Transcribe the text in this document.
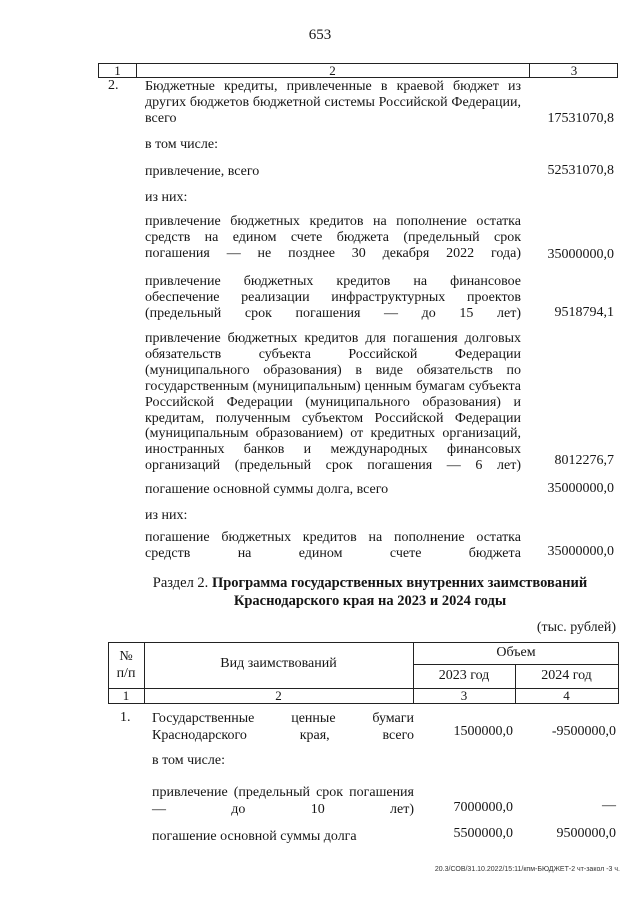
653
1	2	3
2. Бюджетные кредиты, привлеченные в краевой бюджет из других бюджетов бюджетной системы Российской Федерации, всего	17531070,8
в том числе:
привлечение, всего	52531070,8
из них:
привлечение бюджетных кредитов на пополнение остатка средств на едином счете бюджета (предельный срок погашения — не позднее 30 декабря 2022 года) 35000000,0
привлечение бюджетных кредитов на финансовое обеспечение реализации инфраструктурных проектов (предельный срок погашения — до 15 лет) 9518794,1
привлечение бюджетных кредитов для погашения долговых обязательств субъекта Российской Федерации (муниципального образования) в виде обязательств по государственным (муниципальным) ценным бумагам субъекта Российской Федерации (муниципального образования) и кредитам, полученным субъектом Российской Федерации (муниципальным образованием) от кредитных организаций, иностранных банков и международных финансовых организаций (предельный срок погашения — 6 лет) 8012276,7
погашение основной суммы долга, всего	35000000,0
из них:
погашение бюджетных кредитов на пополнение остатка средств на едином счете бюджета 35000000,0
Раздел 2. Программа государственных внутренних заимствований
Краснодарского края на 2023 и 2024 годы
(тыс. рублей)
№
п/п
Вид заимствований
Объем
2023 год	2024 год
1	2	3	4
1. Государственные ценные бумаги Краснодарского края, всего	1500000,0	-9500000,0
в том числе:
привлечение (предельный срок погашения — до 10 лет)	7000000,0	—
погашение основной суммы долга	5500000,0	9500000,0
20.3/СОВ/31.10.2022/15:11/кпм-БЮДЖЕТ-2 чт-закол -3 ч.
